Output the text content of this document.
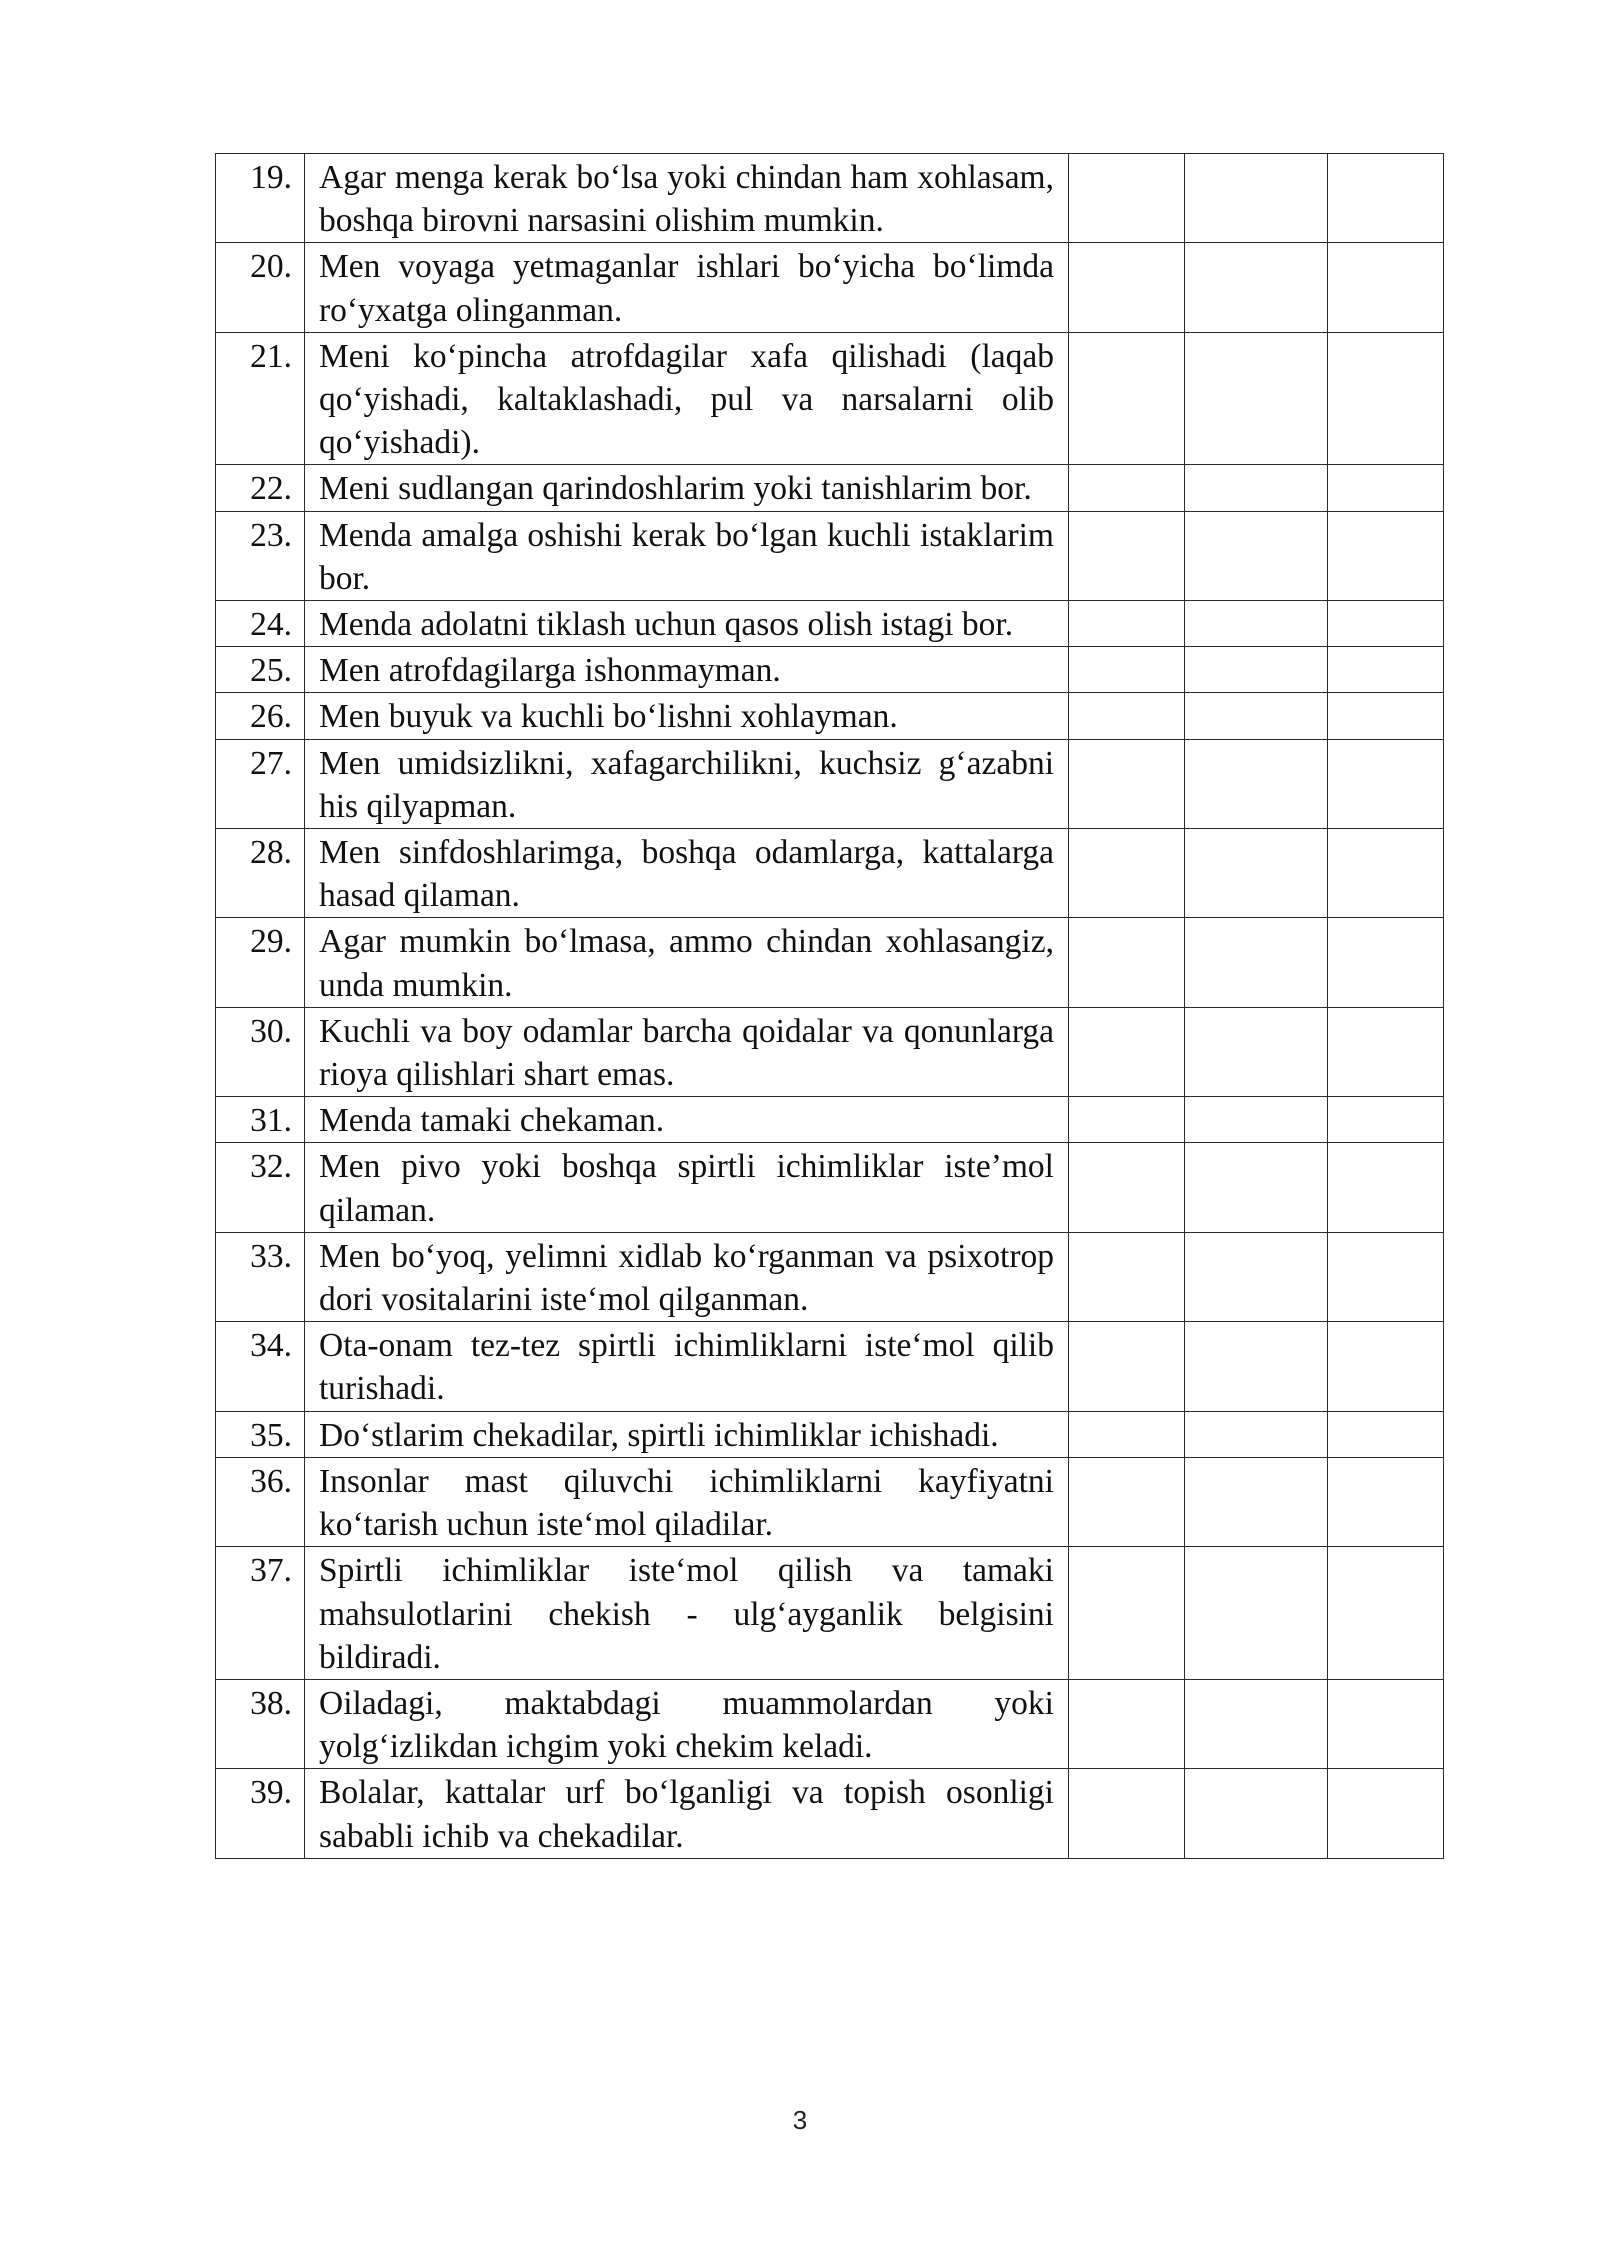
19.	Agar menga kerak bo‘lsa yoki chindan ham xohlasam, boshqa birovni narsasini olishim mumkin.			
20.	Men voyaga yetmaganlar ishlari bo‘yicha bo‘limda ro‘yxatga olinganman.			
21.	Meni ko‘pincha atrofdagilar xafa qilishadi (laqab qo‘yishadi, kaltaklashadi, pul va narsalarni olib qo‘yishadi).			
22.	Meni sudlangan qarindoshlarim yoki tanishlarim bor.			
23.	Menda amalga oshishi kerak bo‘lgan kuchli istaklarim bor.			
24.	Menda adolatni tiklash uchun qasos olish istagi bor.			
25.	Men atrofdagilarga ishonmayman.			
26.	Men buyuk va kuchli bo‘lishni xohlayman.			
27.	Men umidsizlikni, xafagarchilikni, kuchsiz g‘azabni his qilyapman.			
28.	Men sinfdoshlarimga, boshqa odamlarga, kattalarga hasad qilaman.			
29.	Agar mumkin bo‘lmasa, ammo chindan xohlasangiz, unda mumkin.			
30.	Kuchli va boy odamlar barcha qoidalar va qonunlarga rioya qilishlari shart emas.			
31.	Menda tamaki chekaman.			
32.	Men pivo yoki boshqa spirtli ichimliklar iste’mol qilaman.			
33.	Men bo‘yoq, yelimni xidlab ko‘rganman va psixotrop dori vositalarini iste‘mol qilganman.			
34.	Ota-onam tez-tez spirtli ichimliklarni iste‘mol qilib turishadi.			
35.	Do‘stlarim chekadilar, spirtli ichimliklar ichishadi.			
36.	Insonlar mast qiluvchi ichimliklarni kayfiyatni ko‘tarish uchun iste‘mol qiladilar.			
37.	Spirtli ichimliklar iste‘mol qilish va tamaki mahsulotlarini chekish - ulg‘ayganlik belgisini bildiradi.			
38.	Oiladagi, maktabdagi muammolardan yoki yolg‘izlikdan ichgim yoki chekim keladi.			
39.	Bolalar, kattalar urf bo‘lganligi va topish osonligi sababli ichib va chekadilar.			
3
